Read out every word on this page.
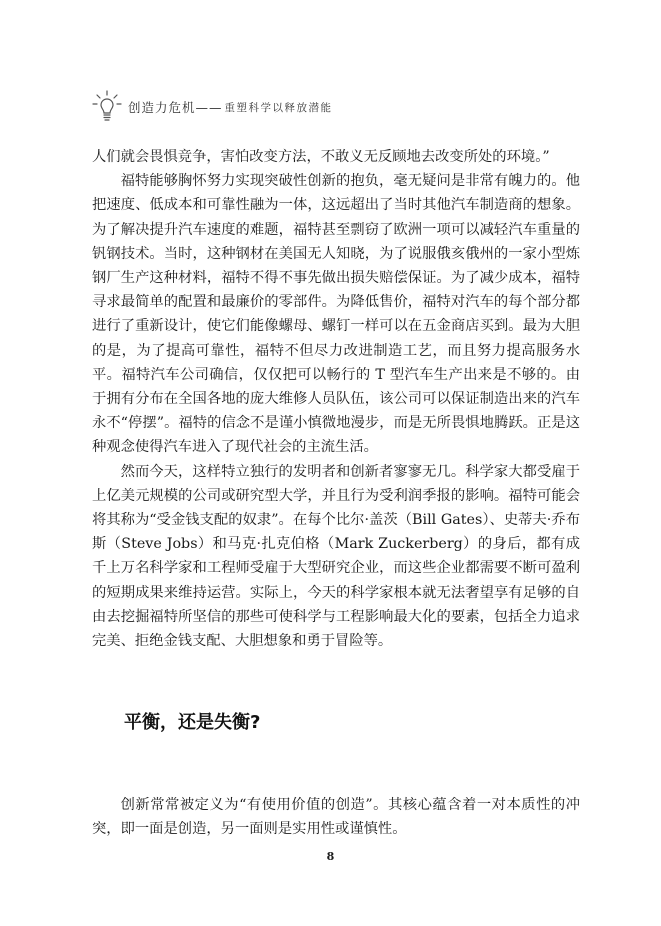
创造力危机—— 重塑科学以释放潜能

人们就会畏惧竞争，害怕改变方法，不敢义无反顾地去改变所处的环境。”

福特能够胸怀努力实现突破性创新的抱负，毫无疑问是非常有魄力的。他把速度、低成本和可靠性融为一体，这远超出了当时其他汽车制造商的想象。为了解决提升汽车速度的难题，福特甚至剽窃了欧洲一项可以减轻汽车重量的钒钢技术。当时，这种钢材在美国无人知晓，为了说服俄亥俄州的一家小型炼钢厂生产这种材料，福特不得不事先做出损失赔偿保证。为了减少成本，福特寻求最简单的配置和最廉价的零部件。为降低售价，福特对汽车的每个部分都进行了重新设计，使它们能像螺母、螺钉一样可以在五金商店买到。最为大胆的是，为了提高可靠性，福特不但尽力改进制造工艺，而且努力提高服务水平。福特汽车公司确信，仅仅把可以畅行的 T 型汽车生产出来是不够的。由于拥有分布在全国各地的庞大维修人员队伍，该公司可以保证制造出来的汽车永不“停摆”。福特的信念不是谨小慎微地漫步，而是无所畏惧地腾跃。正是这种观念使得汽车进入了现代社会的主流生活。

然而今天，这样特立独行的发明者和创新者寥寥无几。科学家大都受雇于上亿美元规模的公司或研究型大学，并且行为受利润季报的影响。福特可能会将其称为“受金钱支配的奴隶”。在每个比尔·盖茨（Bill Gates）、史蒂夫·乔布斯（Steve Jobs）和马克·扎克伯格（Mark Zuckerberg）的身后，都有成千上万名科学家和工程师受雇于大型研究企业，而这些企业都需要不断可盈利的短期成果来维持运营。实际上，今天的科学家根本就无法奢望享有足够的自由去挖掘福特所坚信的那些可使科学与工程影响最大化的要素，包括全力追求完美、拒绝金钱支配、大胆想象和勇于冒险等。

平衡，还是失衡?

创新常常被定义为“有使用价值的创造”。其核心蕴含着一对本质性的冲突，即一面是创造，另一面则是实用性或谨慎性。

8
